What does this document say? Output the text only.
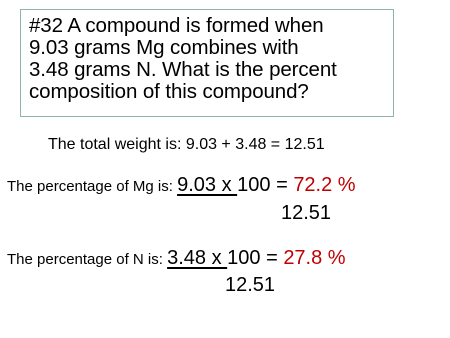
#32 A compound is formed when
9.03 grams Mg combines with
3.48 grams N. What is the percent
composition of this compound?
The total weight is: 9.03 + 3.48 = 12.51
The percentage of Mg is: 9.03 x 100 = 72.2 %
12.51
The percentage of N is: 3.48 x 100 = 27.8 %
12.51
